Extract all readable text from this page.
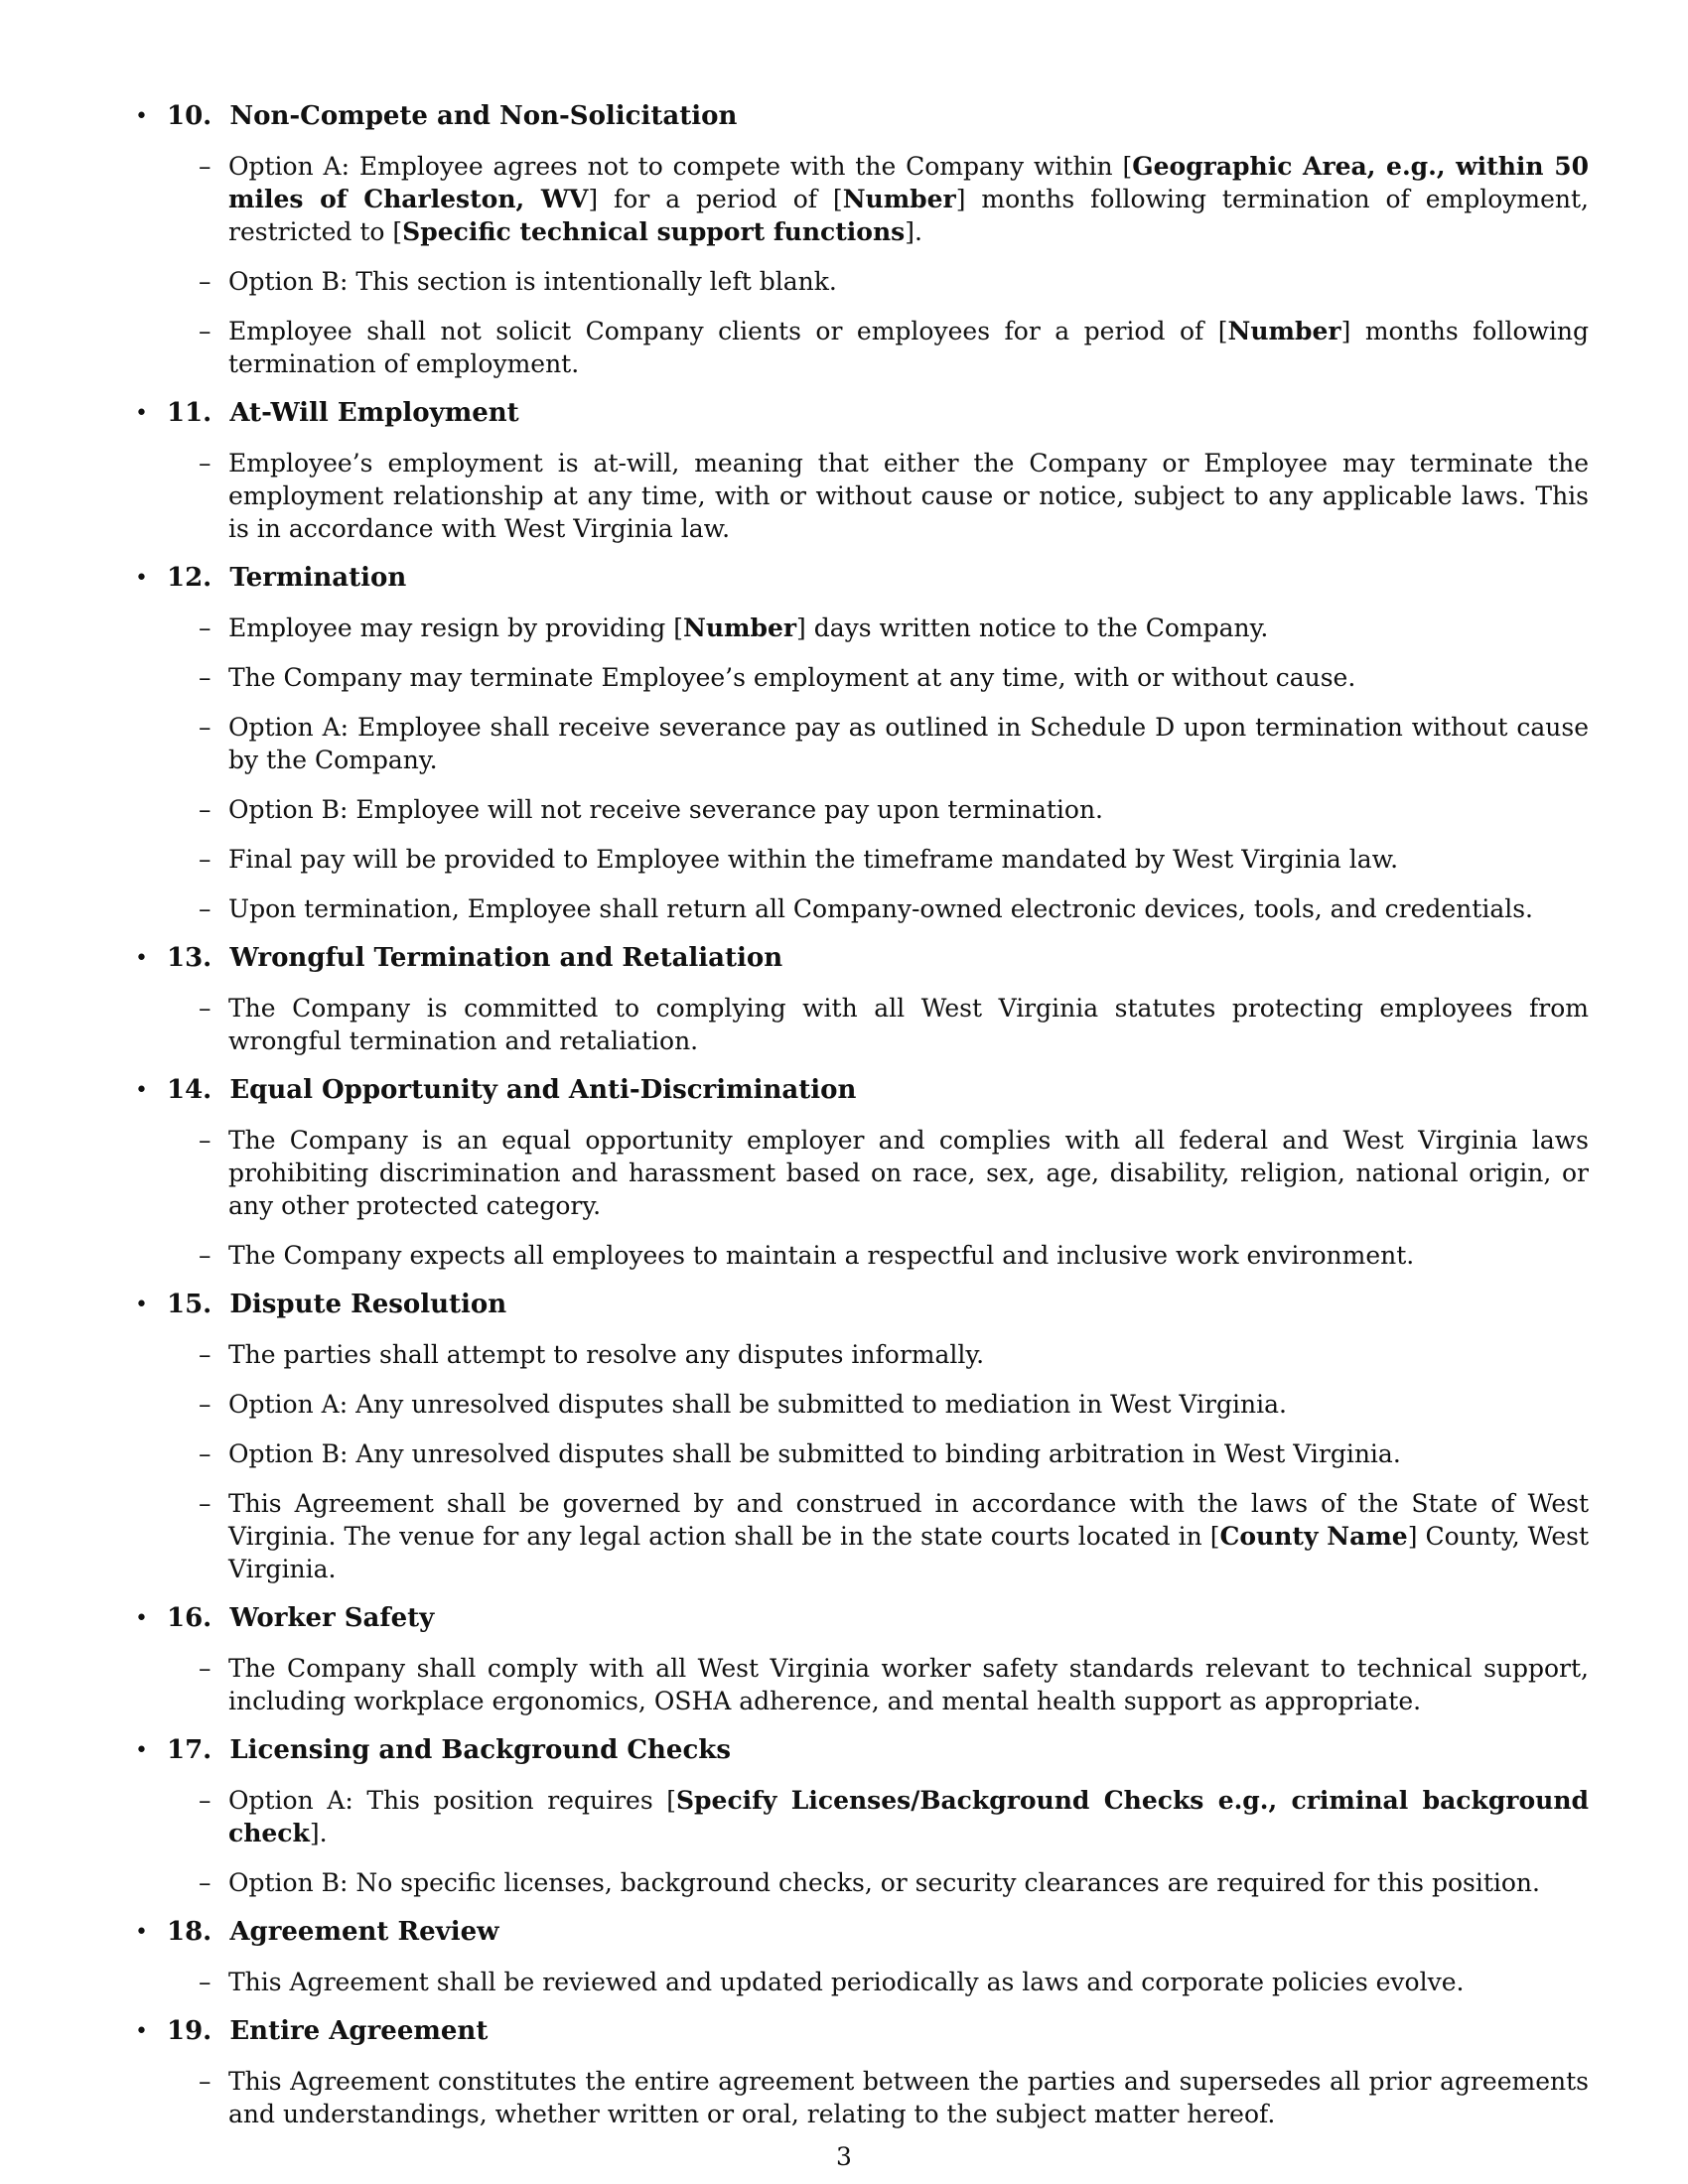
• 10. Non-Compete and Non-Solicitation
– Option A: Employee agrees not to compete with the Company within [Geographic Area, e.g., within 50 miles of Charleston, WV] for a period of [Number] months following termination of employment, restricted to [Specific technical support functions].
– Option B: This section is intentionally left blank.
– Employee shall not solicit Company clients or employees for a period of [Number] months following termination of employment.
• 11. At-Will Employment
– Employee’s employment is at-will, meaning that either the Company or Employee may terminate the employment relationship at any time, with or without cause or notice, subject to any applicable laws. This is in accordance with West Virginia law.
• 12. Termination
– Employee may resign by providing [Number] days written notice to the Company.
– The Company may terminate Employee’s employment at any time, with or without cause.
– Option A: Employee shall receive severance pay as outlined in Schedule D upon termination without cause by the Company.
– Option B: Employee will not receive severance pay upon termination.
– Final pay will be provided to Employee within the timeframe mandated by West Virginia law.
– Upon termination, Employee shall return all Company-owned electronic devices, tools, and credentials.
• 13. Wrongful Termination and Retaliation
– The Company is committed to complying with all West Virginia statutes protecting employees from wrongful termination and retaliation.
• 14. Equal Opportunity and Anti-Discrimination
– The Company is an equal opportunity employer and complies with all federal and West Virginia laws prohibiting discrimination and harassment based on race, sex, age, disability, religion, national origin, or any other protected category.
– The Company expects all employees to maintain a respectful and inclusive work environment.
• 15. Dispute Resolution
– The parties shall attempt to resolve any disputes informally.
– Option A: Any unresolved disputes shall be submitted to mediation in West Virginia.
– Option B: Any unresolved disputes shall be submitted to binding arbitration in West Virginia.
– This Agreement shall be governed by and construed in accordance with the laws of the State of West Virginia. The venue for any legal action shall be in the state courts located in [County Name] County, West Virginia.
• 16. Worker Safety
– The Company shall comply with all West Virginia worker safety standards relevant to technical support, including workplace ergonomics, OSHA adherence, and mental health support as appropriate.
• 17. Licensing and Background Checks
– Option A: This position requires [Specify Licenses/Background Checks e.g., criminal background check].
– Option B: No specific licenses, background checks, or security clearances are required for this position.
• 18. Agreement Review
– This Agreement shall be reviewed and updated periodically as laws and corporate policies evolve.
• 19. Entire Agreement
– This Agreement constitutes the entire agreement between the parties and supersedes all prior agreements and understandings, whether written or oral, relating to the subject matter hereof.
3
